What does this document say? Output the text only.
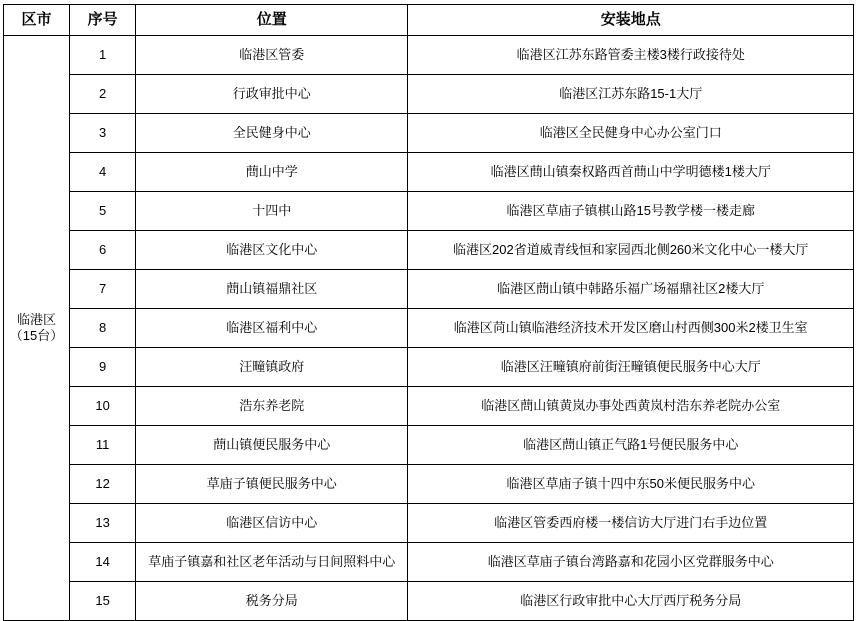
区市	序号	位置	安装地点

临港区
（15台）	1	临港区管委	临港区江苏东路管委主楼3楼行政接待处
	2	行政审批中心	临港区江苏东路15-1大厅
	3	全民健身中心	临港区全民健身中心办公室门口
	4	蔄山中学	临港区蔄山镇秦权路西首蔄山中学明德楼1楼大厅
	5	十四中	临港区草庙子镇棋山路15号教学楼一楼走廊
	6	临港区文化中心	临港区202省道威青线恒和家园西北侧260米文化中心一楼大厅
	7	蔄山镇福鼎社区	临港区蔄山镇中韩路乐福广场福鼎社区2楼大厅
	8	临港区福利中心	临港区苘山镇临港经济技术开发区磨山村西侧300米2楼卫生室
	9	汪疃镇政府	临港区汪疃镇府前街汪疃镇便民服务中心大厅
	10	浩东养老院	临港区蔄山镇黄岚办事处西黄岚村浩东养老院办公室
	11	蔄山镇便民服务中心	临港区蔄山镇正气路1号便民服务中心
	12	草庙子镇便民服务中心	临港区草庙子镇十四中东50米便民服务中心
	13	临港区信访中心	临港区管委西府楼一楼信访大厅进门右手边位置
	14	草庙子镇嘉和社区老年活动与日间照料中心	临港区草庙子镇台湾路嘉和花园小区党群服务中心
	15	税务分局	临港区行政审批中心大厅西厅税务分局
